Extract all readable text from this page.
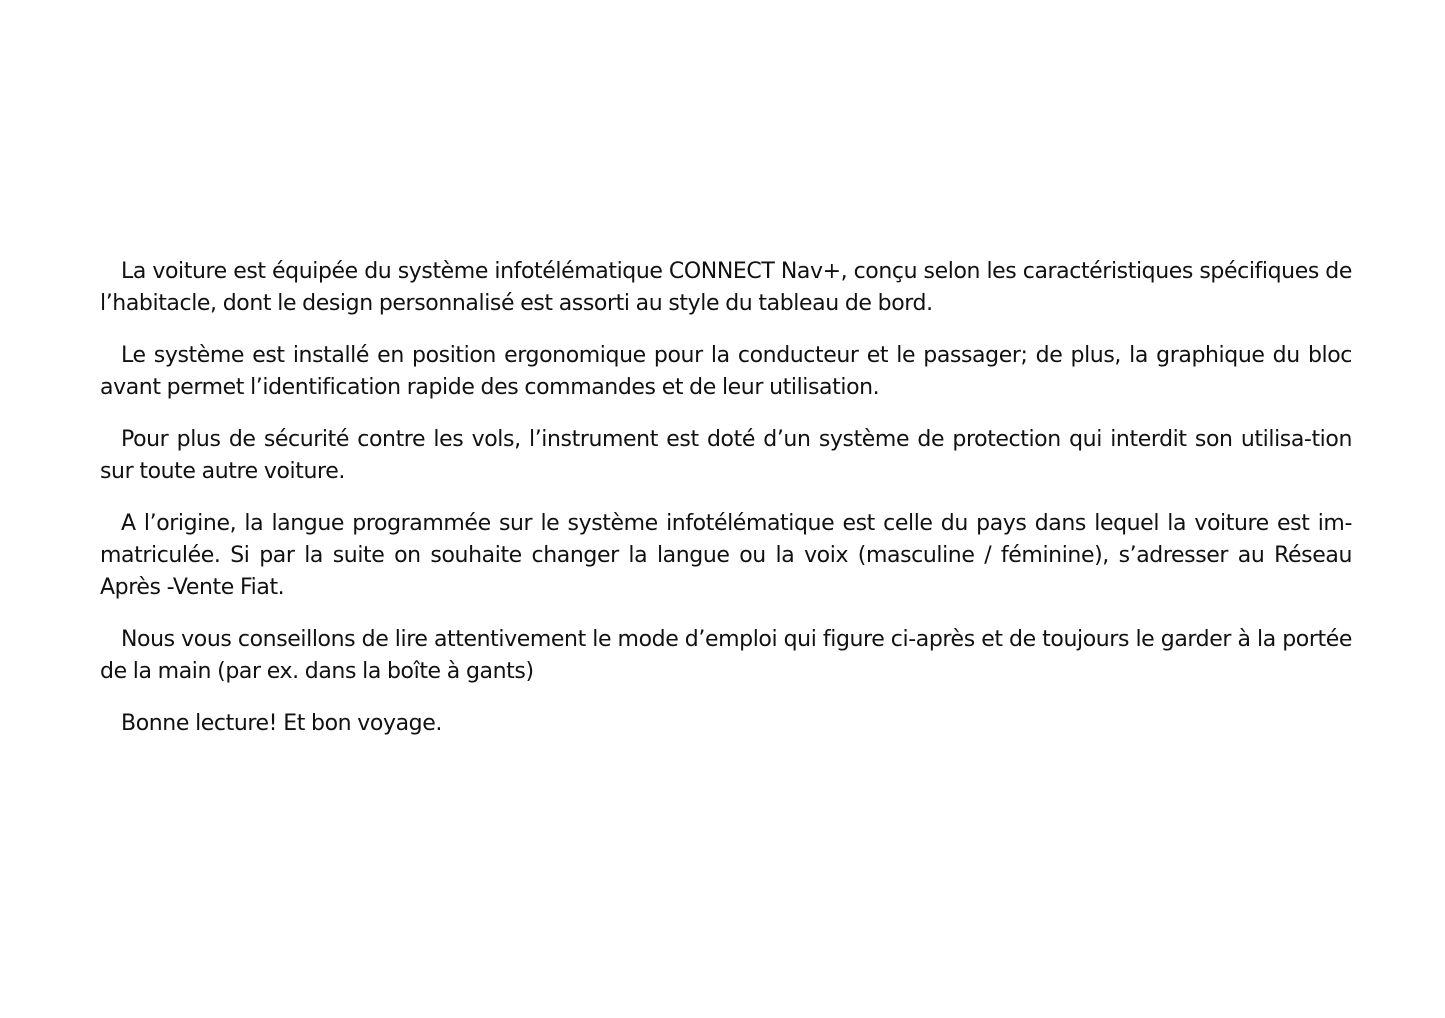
La voiture est équipée du système infotélématique CONNECT Nav+, conçu selon les caractéristiques spécifiques de l’habitacle, dont le design personnalisé est assorti au style du tableau de bord.

Le système est installé en position ergonomique pour la conducteur et le passager; de plus, la graphique du bloc avant permet l’identification rapide des commandes et de leur utilisation.

Pour plus de sécurité contre les vols, l’instrument est doté d’un système de protection qui interdit son utilisa-tion sur toute autre voiture.

A l’origine, la langue programmée sur le système infotélématique est celle du pays dans lequel la voiture est im-matriculée. Si par la suite on souhaite changer la langue ou la voix (masculine / féminine), s’adresser au Réseau Après -Vente Fiat.

Nous vous conseillons de lire attentivement le mode d’emploi qui figure ci-après et de toujours le garder à la portée de la main (par ex. dans la boîte à gants)

Bonne lecture! Et bon voyage.
